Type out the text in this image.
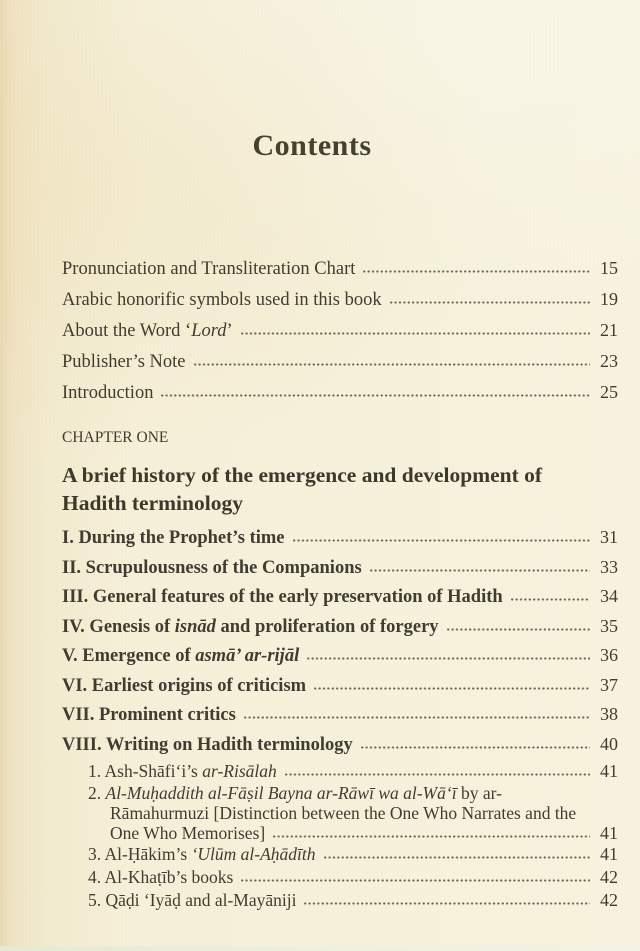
Contents
Pronunciation and Transliteration Chart	15
Arabic honorific symbols used in this book	19
About the Word ‘Lord’	21
Publisher’s Note	23
Introduction	25
CHAPTER ONE
A brief history of the emergence and development of
Hadith terminology
I. During the Prophet’s time	31
II. Scrupulousness of the Companions	33
III. General features of the early preservation of Hadith	34
IV. Genesis of isnād and proliferation of forgery	35
V. Emergence of asmā’ ar-rijāl	36
VI. Earliest origins of criticism	37
VII. Prominent critics	38
VIII. Writing on Hadith terminology	40
1. Ash-Shāfi‘i’s ar-Risālah	41
2. Al-Muḥaddith al-Fāṣil Bayna ar-Rāwī wa al-Wā‘ī by ar-
Rāmahurmuzi [Distinction between the One Who Narrates and the
One Who Memorises]	41
3. Al-Ḥākim’s ‘Ulūm al-Aḥādīth	41
4. Al-Khaṭīb’s books	42
5. Qāḍi ‘Iyāḍ and al-Mayāniji	42
